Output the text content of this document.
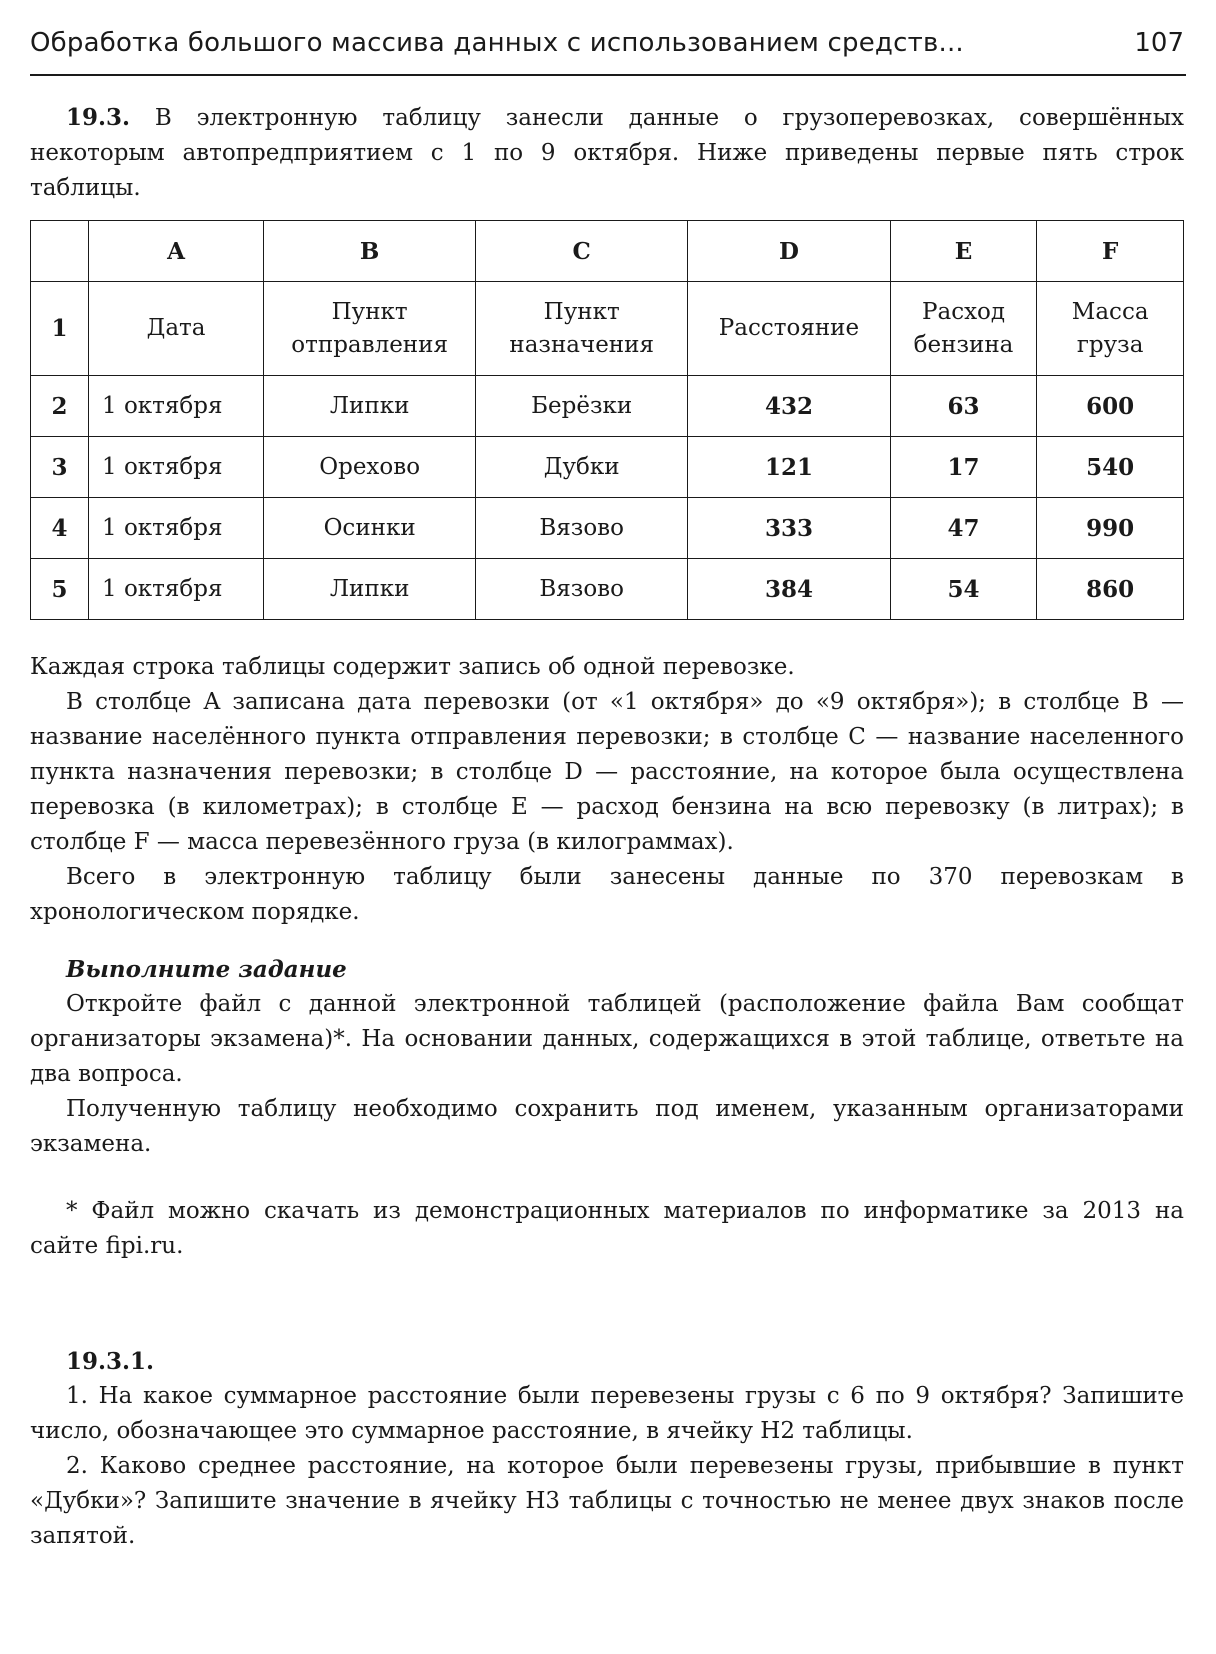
Обработка большого массива данных с использованием средств...	107

19.3. В электронную таблицу занесли данные о грузоперевозках, совершённых некоторым автопредприятием с 1 по 9 октября. Ниже приведены первые пять строк таблицы.

	A	B	C	D	E	F
1	Дата	Пункт отправления	Пункт назначения	Расстояние	Расход бензина	Масса груза
2	1 октября	Липки	Берёзки	432	63	600
3	1 октября	Орехово	Дубки	121	17	540
4	1 октября	Осинки	Вязово	333	47	990
5	1 октября	Липки	Вязово	384	54	860

Каждая строка таблицы содержит запись об одной перевозке.

В столбце A записана дата перевозки (от «1 октября» до «9 октября»); в столбце B — название населённого пункта отправления перевозки; в столбце C — название населенного пункта назначения перевозки; в столбце D — расстояние, на которое была осуществлена перевозка (в километрах); в столбце E — расход бензина на всю перевозку (в литрах); в столбце F — масса перевезённого груза (в килограммах).

Всего в электронную таблицу были занесены данные по 370 перевозкам в хронологическом порядке.

Выполните задание

Откройте файл с данной электронной таблицей (расположение файла Вам сообщат организаторы экзамена)*. На основании данных, содержащихся в этой таблице, ответьте на два вопроса.

Полученную таблицу необходимо сохранить под именем, указанным организаторами экзамена.

* Файл можно скачать из демонстрационных материалов по информатике за 2013 на сайте fipi.ru.

19.3.1.

1. На какое суммарное расстояние были перевезены грузы с 6 по 9 октября? Запишите число, обозначающее это суммарное расстояние, в ячейку H2 таблицы.

2. Каково среднее расстояние, на которое были перевезены грузы, прибывшие в пункт «Дубки»? Запишите значение в ячейку H3 таблицы с точностью не менее двух знаков после запятой.
